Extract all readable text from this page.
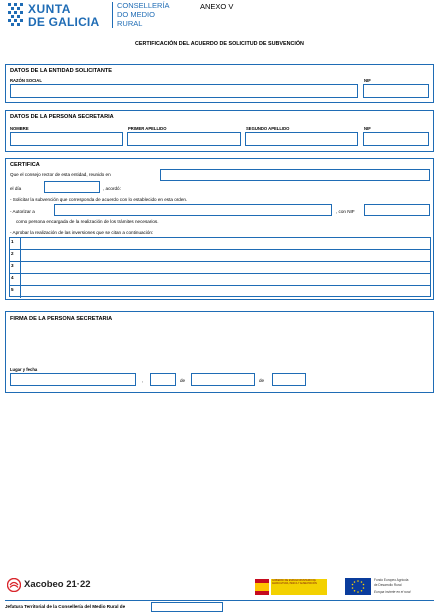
XUNTA
DE GALICIA
CONSELLERÍA
DO MEDIO
RURAL
ANEXO V
CERTIFICACIÓN DEL ACUERDO DE SOLICITUD DE SUBVENCIÓN
DATOS DE LA ENTIDAD SOLICITANTE
RAZÓN SOCIAL	NIF
DATOS DE LA PERSONA SECRETARIA
NOMBRE	PRIMER APELLIDO	SEGUNDO APELLIDO	NIF
CERTIFICA
Que el consejo rector de esta entidad, reunido en
el día	, acordó:
- Solicitar la subvención que corresponda de acuerdo con lo establecido en esta orden.
- Autorizar a	, con NIF
como persona encargada de la realización de los trámites necesarios.
- Aprobar la realización de las inversiones que se citan a continuación:
1
2
3
4
5
FIRMA DE LA PERSONA SECRETARIA
Lugar y fecha
,	de	de
Xacobeo 21·22	GOBIERNO DE ESPAÑA MINISTERIO DE AGRICULTURA, PESCA Y ALIMENTACIÓN
Fondo Europeo Agrícola
de Desarrollo Rural
Europa invierte en el rural
Jefatura Territorial de la Consellería del Medio Rural de
